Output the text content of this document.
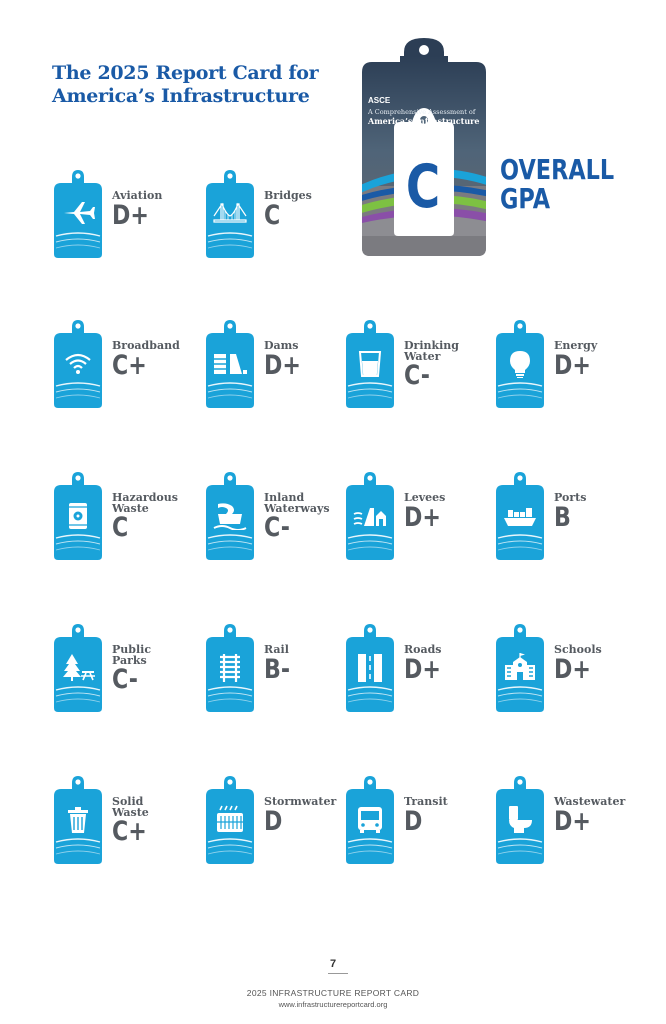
The 2025 Report Card for
America’s Infrastructure	ASCE
A Comprehensive Assessment of
America’s Infrastructure
C OVERALL
GPA
Aviation
D+
Bridges
C
Broadband
C+
Dams
D+
Drinking
Water
C-
Energy
D+
Hazardous
Waste
C
Inland
Waterways
C-
Levees
D+
Ports
B
Public
Parks
C-
Rail
B-
Roads
D+
Schools
D+
Solid
Waste
C+
Stormwater
D
Transit
D
Wastewater
D+
7
2025 INFRASTRUCTURE REPORT CARD
www.infrastructurereportcard.org
